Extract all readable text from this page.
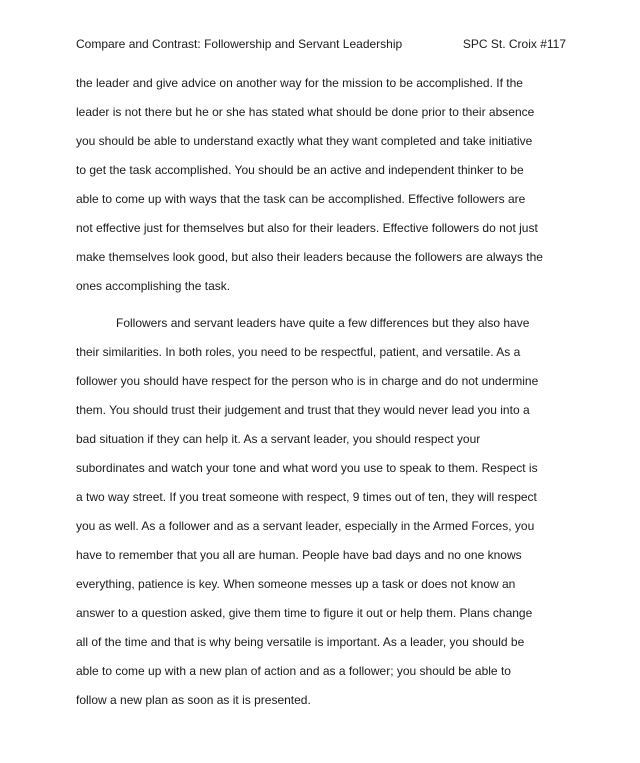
Compare and Contrast: Followership and Servant Leadership	SPC St. Croix #117
the leader and give advice on another way for the mission to be accomplished. If the
leader is not there but he or she has stated what should be done prior to their absence
you should be able to understand exactly what they want completed and take initiative
to get the task accomplished. You should be an active and independent thinker to be
able to come up with ways that the task can be accomplished. Effective followers are
not effective just for themselves but also for their leaders. Effective followers do not just
make themselves look good, but also their leaders because the followers are always the
ones accomplishing the task.
Followers and servant leaders have quite a few differences but they also have
their similarities. In both roles, you need to be respectful, patient, and versatile. As a
follower you should have respect for the person who is in charge and do not undermine
them. You should trust their judgement and trust that they would never lead you into a
bad situation if they can help it. As a servant leader, you should respect your
subordinates and watch your tone and what word you use to speak to them. Respect is
a two way street. If you treat someone with respect, 9 times out of ten, they will respect
you as well. As a follower and as a servant leader, especially in the Armed Forces, you
have to remember that you all are human. People have bad days and no one knows
everything, patience is key. When someone messes up a task or does not know an
answer to a question asked, give them time to figure it out or help them. Plans change
all of the time and that is why being versatile is important. As a leader, you should be
able to come up with a new plan of action and as a follower; you should be able to
follow a new plan as soon as it is presented.
